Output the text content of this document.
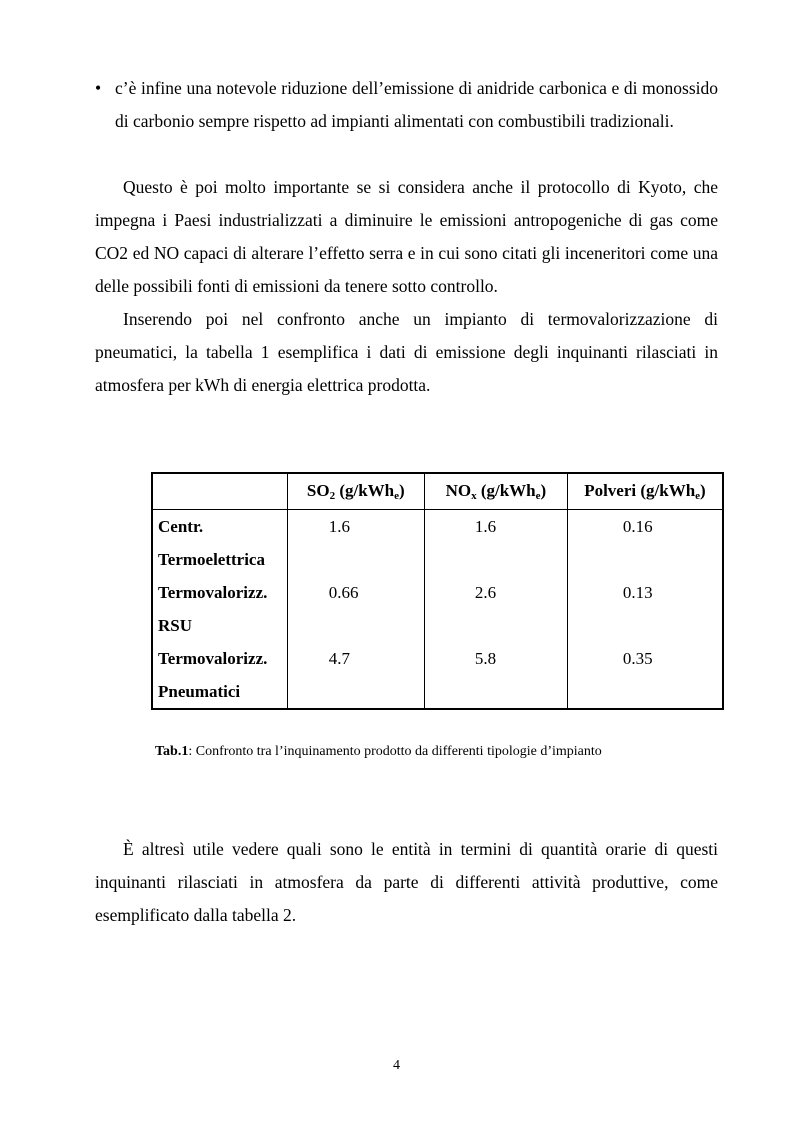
• c’è infine una notevole riduzione dell’emissione di anidride carbonica e di monossido di carbonio sempre rispetto ad impianti alimentati con combustibili tradizionali.

Questo è poi molto importante se si considera anche il protocollo di Kyoto, che impegna i Paesi industrializzati a diminuire le emissioni antropogeniche di gas come CO2 ed NO capaci di alterare l’effetto serra e in cui sono citati gli inceneritori come una delle possibili fonti di emissioni da tenere sotto controllo.

Inserendo poi nel confronto anche un impianto di termovalorizzazione di pneumatici, la tabella 1 esemplifica i dati di emissione degli inquinanti rilasciati in atmosfera per kWh di energia elettrica prodotta.

	$SO_2$ (g/kWh$_e$)	$NO_x$ (g/kWh$_e$)	Polveri (g/kWh$_e$)
Centr.
Termoelettrica	1.6	1.6	0.16
Termovalorizz.
RSU	0.66	2.6	0.13
Termovalorizz.
Pneumatici	4.7	5.8	0.35

Tab.1: Confronto tra l’inquinamento prodotto da differenti tipologie d’impianto

È altresì utile vedere quali sono le entità in termini di quantità orarie di questi inquinanti rilasciati in atmosfera da parte di differenti attività produttive, come esemplificato dalla tabella 2.

4
